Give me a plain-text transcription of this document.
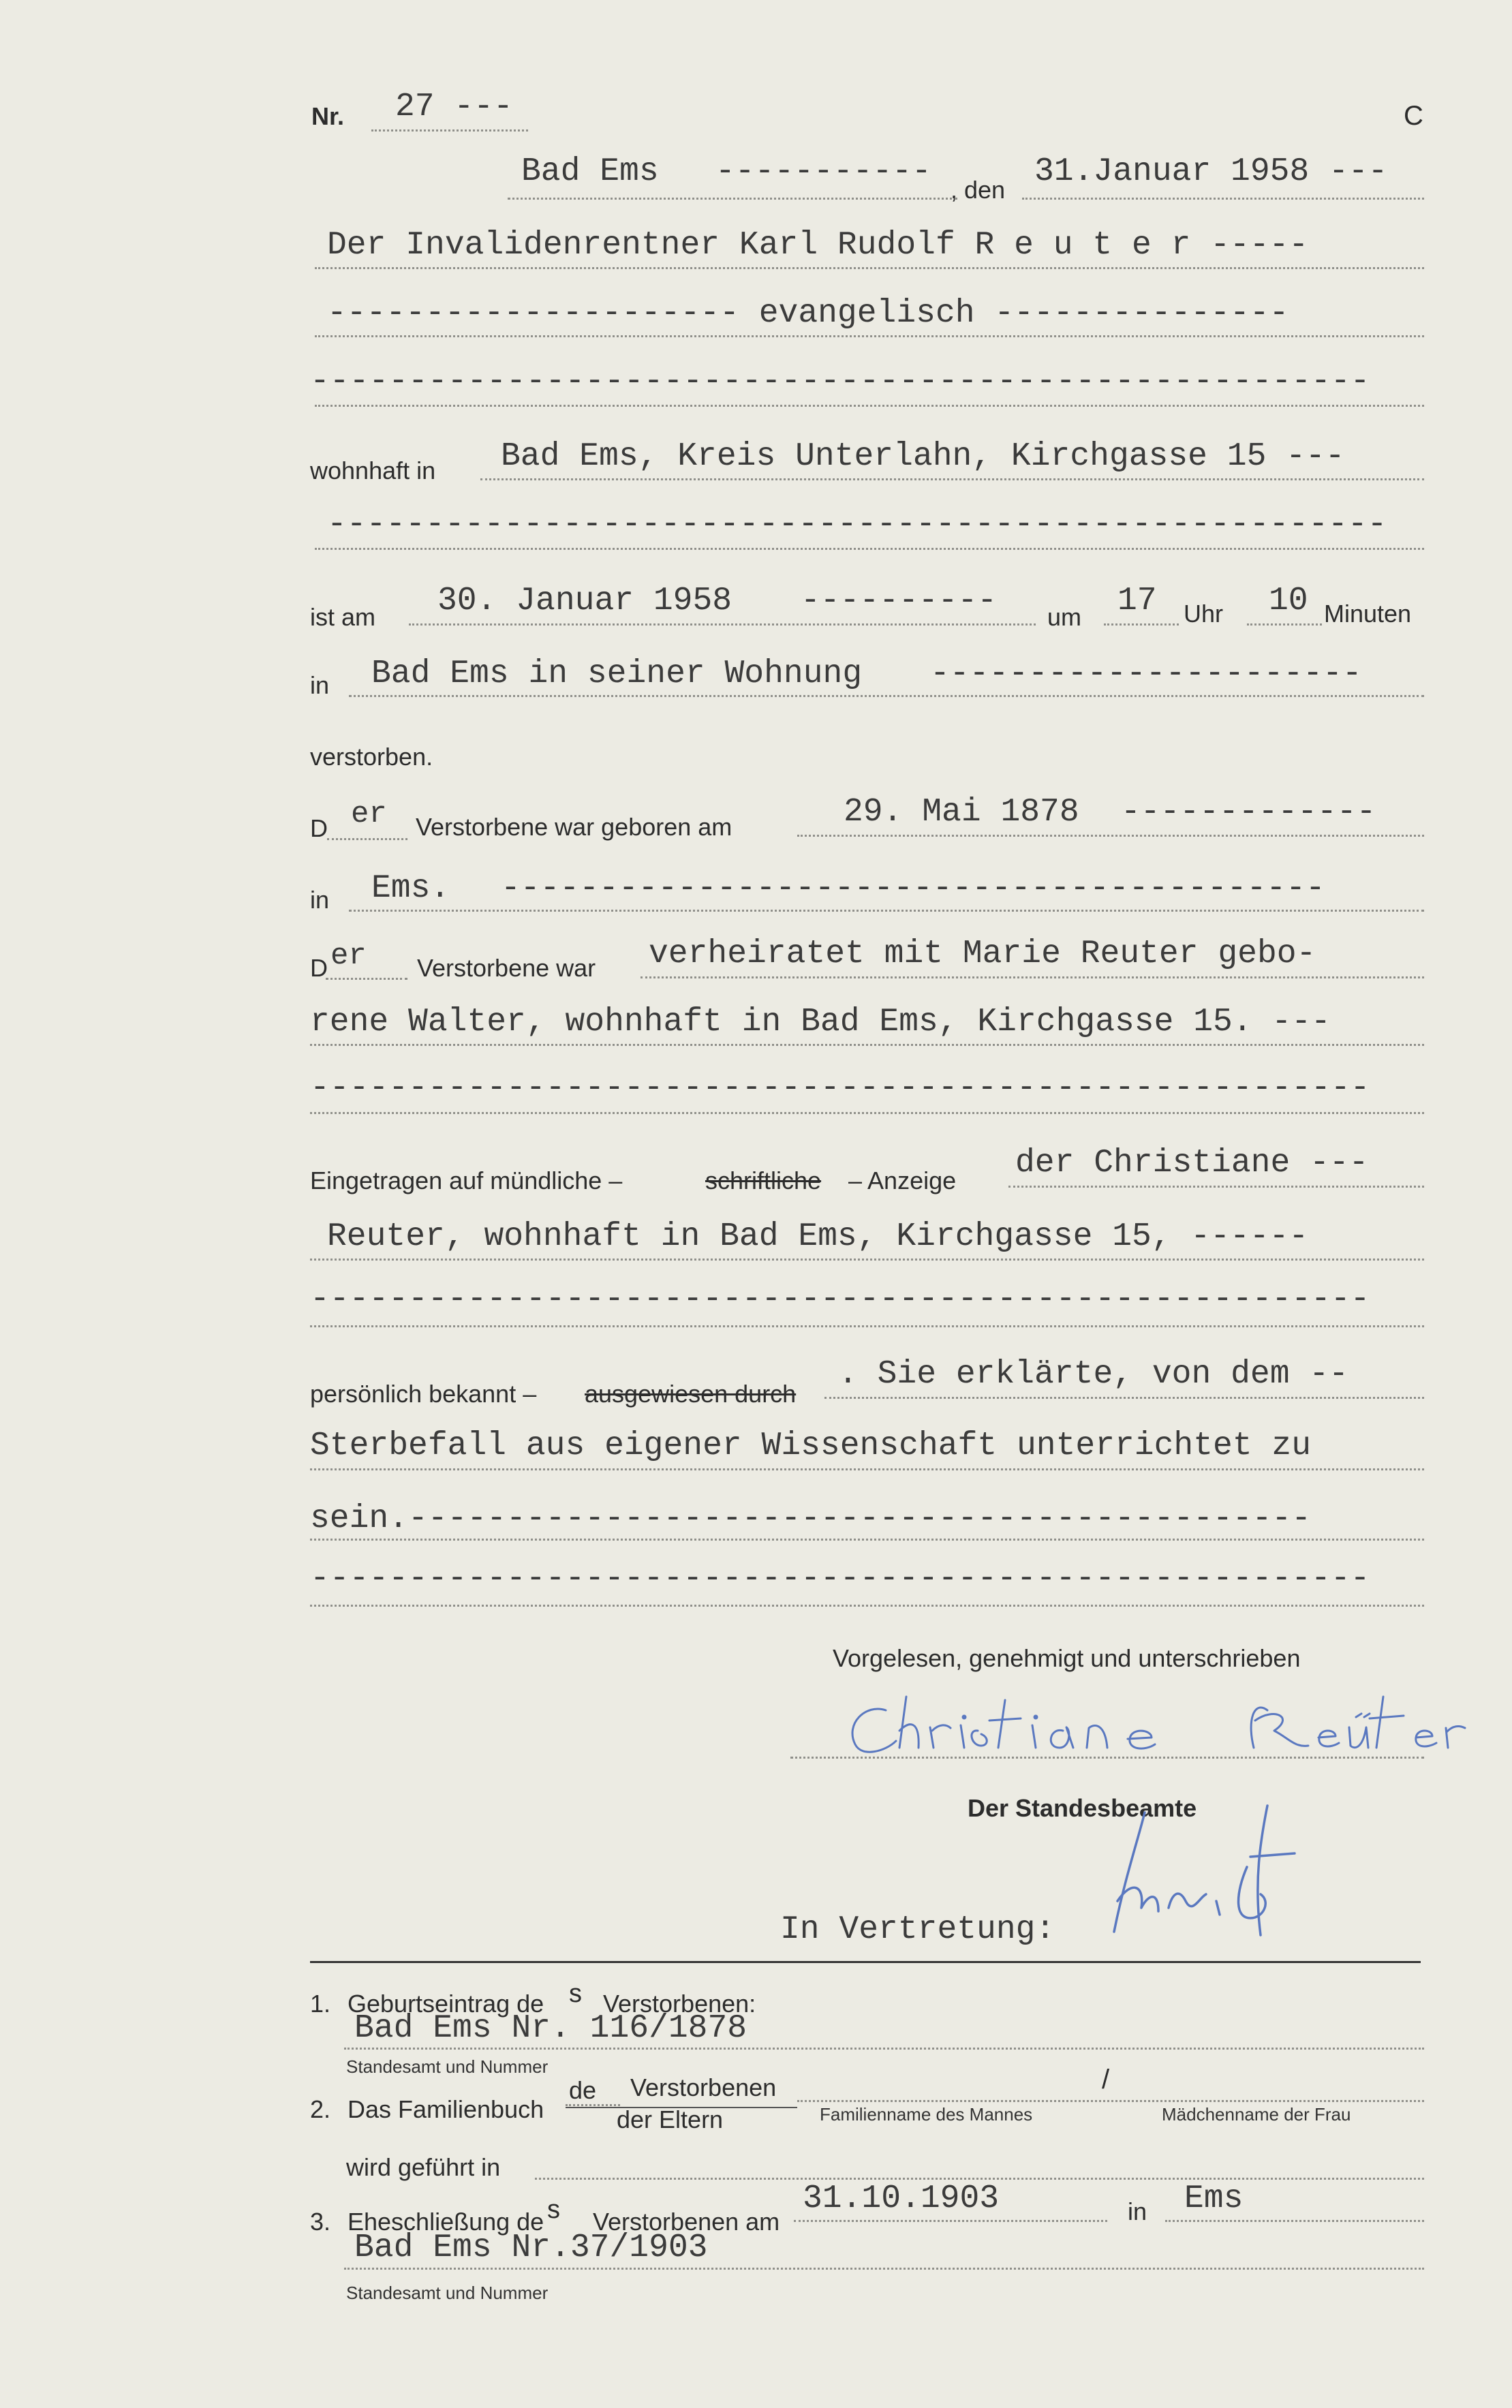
Nr. 27 ---	C
Bad Ems ----------- , den 31.Januar 1958 ---
Der Invalidenrentner Karl Rudolf R e u t e r -----
--------------------- evangelisch ---------------
------------------------------------------------------
wohnhaft in Bad Ems, Kreis Unterlahn, Kirchgasse 15 ---
------------------------------------------------------
ist am 30. Januar 1958 ---------- um 17 Uhr 10 Minuten
in Bad Ems in seiner Wohnung ----------------------
verstorben.
D er Verstorbene war geboren am	29. Mai 1878 -------------
in Ems. ------------------------------------------
D er Verstorbene war verheiratet mit Marie Reuter gebo-
rene Walter, wohnhaft in Bad Ems, Kirchgasse 15. ---
------------------------------------------------------
Eingetragen auf mündliche –	schriftliche – Anzeige der Christiane ---
Reuter, wohnhaft in Bad Ems, Kirchgasse 15, ------
------------------------------------------------------
persönlich bekannt – ausgewiesen durch
. Sie erklärte, von dem --
Sterbefall aus eigener Wissenschaft unterrichtet zu
sein.----------------------------------------------
------------------------------------------------------
Vorgelesen, genehmigt und unterschrieben
Der Standesbeamte
In Vertretung:
1. Geburtseintrag de s Verstorbenen:
Bad Ems Nr. 116/1878
Standesamt und Nummer
2. Das Familienbuch
de Verstorbenen
der Eltern
/
Familienname des Mannes	Mädchenname der Frau
wird geführt in
3. Eheschließung de s Verstorbenen am
31.10.1903	in Ems
Bad Ems Nr.37/1903
Standesamt und Nummer
